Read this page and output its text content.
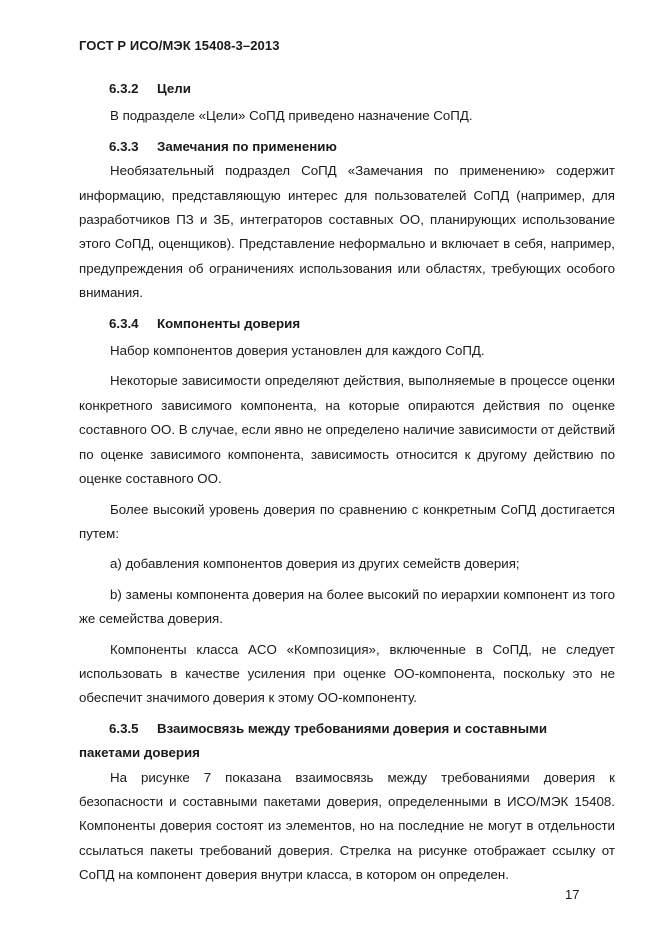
ГОСТ Р ИСО/МЭК 15408-3–2013

6.3.2 Цели

В подразделе «Цели» СоПД приведено назначение СоПД.

6.3.3 Замечания по применению

Необязательный подраздел СоПД «Замечания по применению» содержит информацию, представляющую интерес для пользователей СоПД (например, для разработчиков ПЗ и ЗБ, интеграторов составных ОО, планирующих использование этого СоПД, оценщиков). Представление неформально и включает в себя, например, предупреждения об ограничениях использования или областях, требующих особого внимания.

6.3.4 Компоненты доверия

Набор компонентов доверия установлен для каждого СоПД.

Некоторые зависимости определяют действия, выполняемые в процессе оценки конкретного зависимого компонента, на которые опираются действия по оценке составного ОО. В случае, если явно не определено наличие зависимости от действий по оценке зависимого компонента, зависимость относится к другому действию по оценке составного ОО.

Более высокий уровень доверия по сравнению с конкретным СоПД достигается путем:

a) добавления компонентов доверия из других семейств доверия;

b) замены компонента доверия на более высокий по иерархии компонент из того же семейства доверия.

Компоненты класса ACO «Композиция», включенные в СоПД, не следует использовать в качестве усиления при оценке ОО-компонента, поскольку это не обеспечит значимого доверия к этому ОО-компоненту.

6.3.5 Взаимосвязь между требованиями доверия и составными

пакетами доверия

На рисунке 7 показана взаимосвязь между требованиями доверия к безопасности и составными пакетами доверия, определенными в ИСО/МЭК 15408. Компоненты доверия состоят из элементов, но на последние не могут в отдельности ссылаться пакеты требований доверия. Стрелка на рисунке отображает ссылку от СоПД на компонент доверия внутри класса, в котором он определен.

17
